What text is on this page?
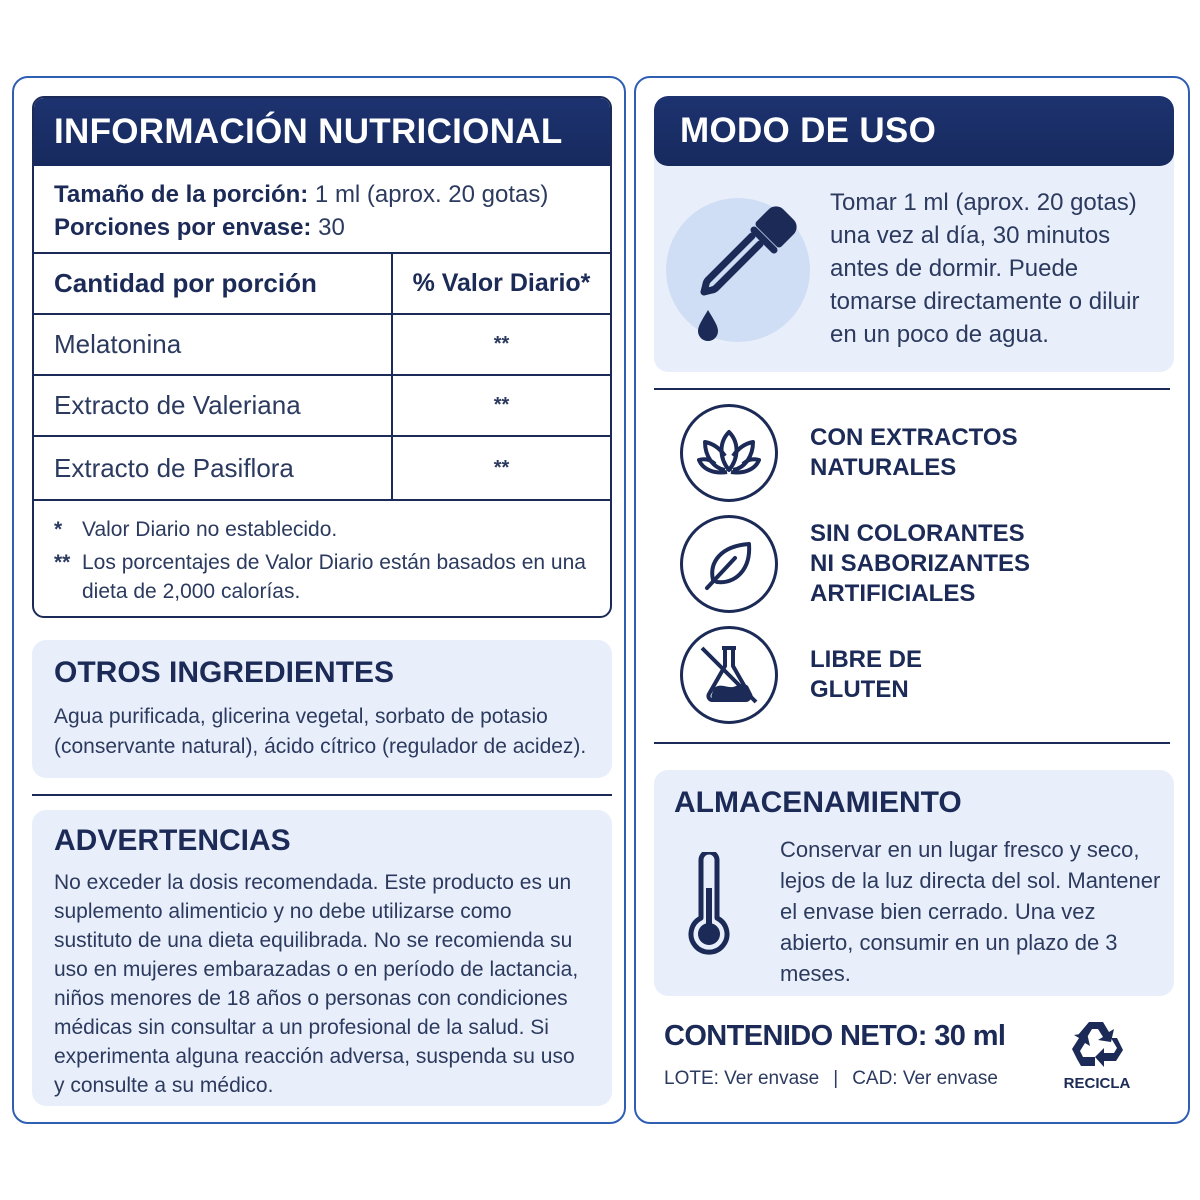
INFORMACIÓN NUTRICIONAL
Tamaño de la porción: 1 ml (aprox. 20 gotas)
Porciones por envase: 30
Cantidad por porción	% Valor Diario*
Melatonina	**
Extracto de Valeriana	**
Extracto de Pasiflora	**
* Valor Diario no establecido.
** Los porcentajes de Valor Diario están basados en una dieta de 2,000 calorías.
OTROS INGREDIENTES

Agua purificada, glicerina vegetal, sorbato de potasio (conservante natural), ácido cítrico (regulador de acidez).

ADVERTENCIAS

No exceder la dosis recomendada. Este producto es un suplemento alimenticio y no debe utilizarse como sustituto de una dieta equilibrada. No se recomienda su uso en mujeres embarazadas o en período de lactancia, niños menores de 18 años o personas con condiciones médicas sin consultar a un profesional de la salud. Si experimenta alguna reacción adversa, suspenda su uso y consulte a su médico.

MODO DE USO

Tomar 1 ml (aprox. 20 gotas) una vez al día, 30 minutos antes de dormir. Puede tomarse directamente o diluir en un poco de agua.

CON EXTRACTOS
NATURALES
SIN COLORANTES
NI SABORIZANTES ARTIFICIALES
LIBRE DE
GLUTEN
ALMACENAMIENTO

Conservar en un lugar fresco y seco, lejos de la luz directa del sol. Mantener el envase bien cerrado. Una vez abierto, consumir en un plazo de 3 meses.

CONTENIDO NETO: 30 ml
LOTE: Ver envase | CAD: Ver envase	RECICLA
